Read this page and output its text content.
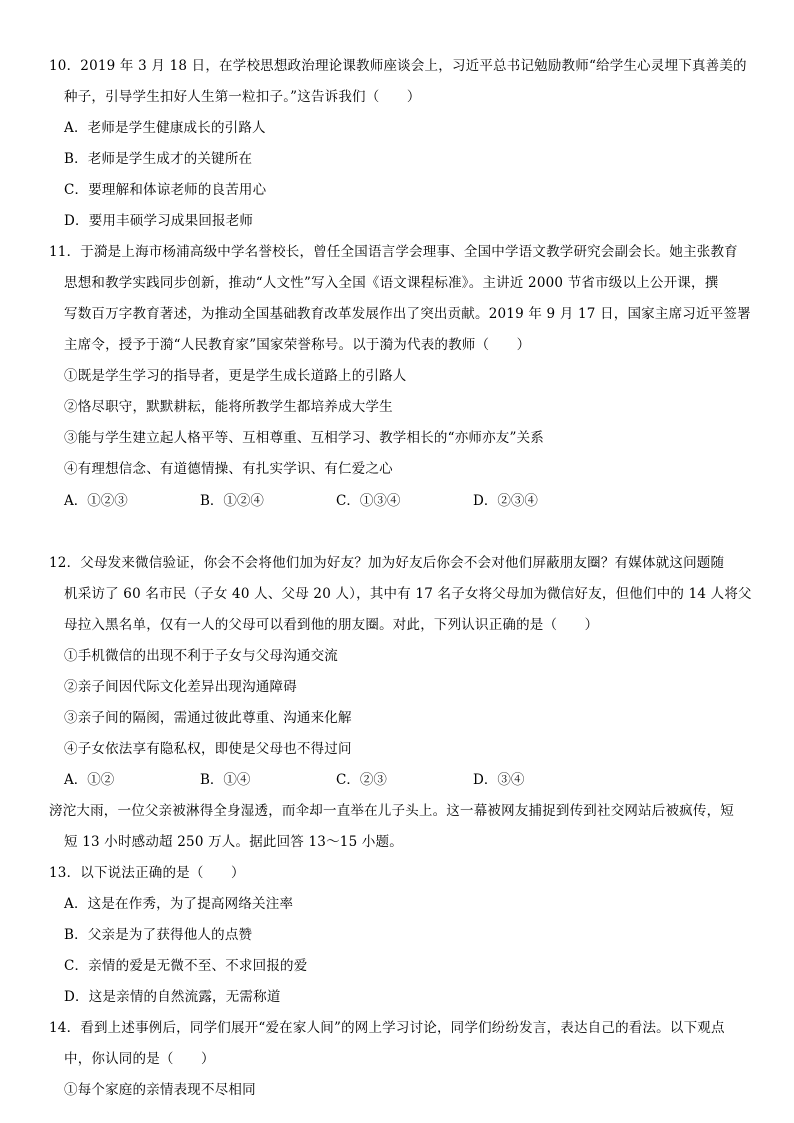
10．2019 年 3 月 18 日，在学校思想政治理论课教师座谈会上，习近平总书记勉励教师“给学生心灵埋下真善美的
种子，引导学生扣好人生第一粒扣子。”这告诉我们（　　）
A．老师是学生健康成长的引路人
B．老师是学生成才的关键所在
C．要理解和体谅老师的良苦用心
D．要用丰硕学习成果回报老师
11．于漪是上海市杨浦高级中学名誉校长，曾任全国语言学会理事、全国中学语文教学研究会副会长。她主张教育
思想和教学实践同步创新，推动“人文性”写入全国《语文课程标准》。主讲近 2000 节省市级以上公开课，撰
写数百万字教育著述，为推动全国基础教育改革发展作出了突出贡献。2019 年 9 月 17 日，国家主席习近平签署
主席令，授予于漪“人民教育家”国家荣誉称号。以于漪为代表的教师（　　）
①既是学生学习的指导者，更是学生成长道路上的引路人
②恪尽职守，默默耕耘，能将所教学生都培养成大学生
③能与学生建立起人格平等、互相尊重、互相学习、教学相长的“亦师亦友”关系
④有理想信念、有道德情操、有扎实学识、有仁爱之心
A．①②③	B．①②④	C．①③④	D．②③④
12．父母发来微信验证，你会不会将他们加为好友？加为好友后你会不会对他们屏蔽朋友圈？有媒体就这问题随
机采访了 60 名市民（子女 40 人、父母 20 人），其中有 17 名子女将父母加为微信好友，但他们中的 14 人将父
母拉入黑名单，仅有一人的父母可以看到他的朋友圈。对此，下列认识正确的是（　　）
①手机微信的出现不利于子女与父母沟通交流
②亲子间因代际文化差异出现沟通障碍
③亲子间的隔阂，需通过彼此尊重、沟通来化解
④子女依法享有隐私权，即使是父母也不得过问
A．①②	B．①④	C．②③	D．③④
滂沱大雨，一位父亲被淋得全身湿透，而伞却一直举在儿子头上。这一幕被网友捕捉到传到社交网站后被疯传，短
短 13 小时感动超 250 万人。据此回答 13～15 小题。
13．以下说法正确的是（　　）
A．这是在作秀，为了提高网络关注率
B．父亲是为了获得他人的点赞
C．亲情的爱是无微不至、不求回报的爱
D．这是亲情的自然流露，无需称道
14．看到上述事例后，同学们展开“爱在家人间”的网上学习讨论，同学们纷纷发言，表达自己的看法。以下观点
中，你认同的是（　　）
①每个家庭的亲情表现不尽相同
